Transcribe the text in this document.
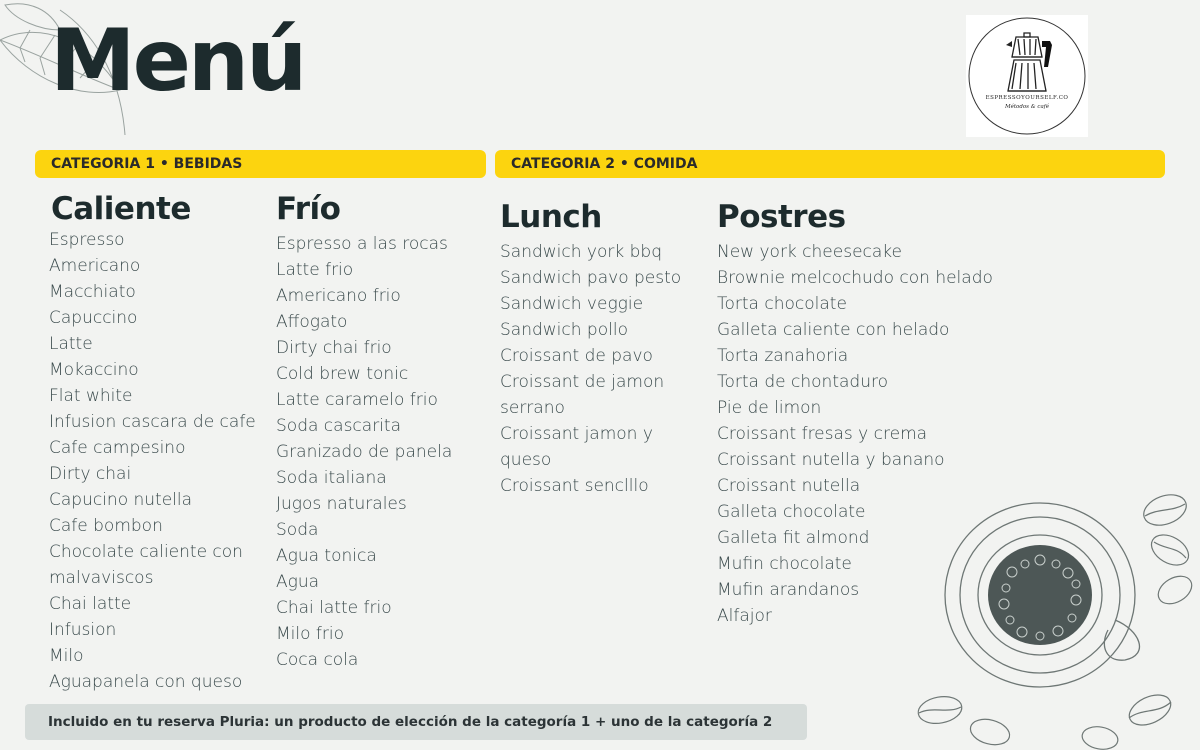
Menú	ESPRESSOYOURSELF.CO
Métodos & café
CATEGORIA 1 • BEBIDAS	CATEGORIA 2 • COMIDA
Caliente
Espresso
Americano
Macchiato
Capuccino
Latte
Mokaccino
Flat white
Infusion cascara de cafe
Cafe campesino
Dirty chai
Capucino nutella
Cafe bombon
Chocolate caliente con malvaviscos
Chai latte
Infusion
Milo
Aguapanela con queso
Frío
Espresso a las rocas
Latte frio
Americano frio
Affogato
Dirty chai frio
Cold brew tonic
Latte caramelo frio
Soda cascarita
Granizado de panela
Soda italiana
Jugos naturales
Soda
Agua tonica
Agua
Chai latte frio
Milo frio
Coca cola
Lunch
Sandwich york bbq
Sandwich pavo pesto
Sandwich veggie
Sandwich pollo
Croissant de pavo
Croissant de jamon serrano
Croissant jamon y queso
Croissant senclllo
Postres
New york cheesecake
Brownie melcochudo con helado
Torta chocolate
Galleta caliente con helado
Torta zanahoria
Torta de chontaduro
Pie de limon
Croissant fresas y crema
Croissant nutella y banano
Croissant nutella
Galleta chocolate
Galleta fit almond
Mufin chocolate
Mufin arandanos
Alfajor
Incluido en tu reserva Pluria: un producto de elección de la categoría 1 + uno de la categoría 2
